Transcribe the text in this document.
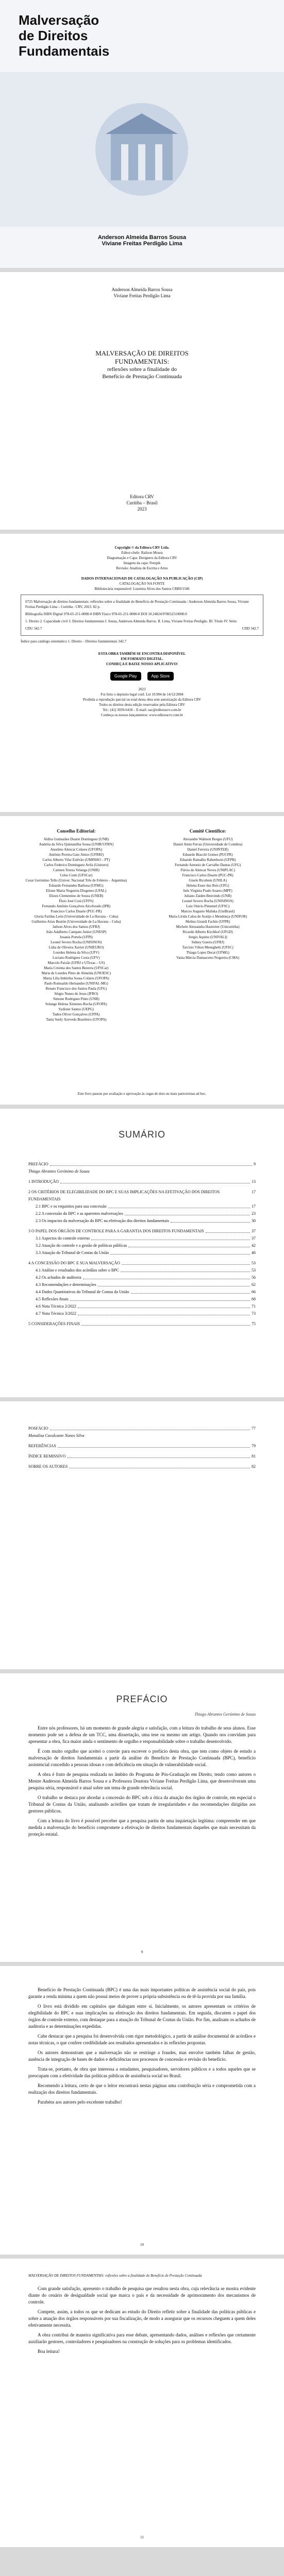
Malversação
de Direitos
Fundamentais
Anderson Almeida Barros Sousa
Viviane Freitas Perdigão Lima
Anderson Almeida Barros Sousa
Viviane Freitas Perdigão Lima
MALVERSAÇÃO DE DIREITOS
FUNDAMENTAIS:
reflexões sobre a finalidade do
Benefício de Prestação Continuada
Editora CRV
Curitiba – Brasil
2023
Copyright © da Editora CRV Ltda.
Editor-chefe: Railson Moura
Diagramação e Capa: Designers da Editora CRV
Imagens da capa: Freepik
Revisão: Analista de Escrita e Artes
DADOS INTERNACIONAIS DE CATALOGAÇÃO NA PUBLICAÇÃO (CIP)
CATALOGAÇÃO NA FONTE
Bibliotecária responsável: Luzenira Alves dos Santos CRB9/1506
S725 Malversação de direitos fundamentais: reflexões sobre a finalidade do Benefício de Prestação Continuada / Anderson Almeida Barros Sousa, Viviane Freitas Perdigão Lima – Curitiba : CRV, 2023. 82 p.
Bibliografia ISBN Digital 978-65-251-0000-0 ISBN Físico 978-65-251-0000-0 DOI 10.24824/978652510000.0
1. Direito 2. Capacidade civil 3. Direitos fundamentais I. Sousa, Anderson Almeida Barros. II. Lima, Viviane Freitas Perdigão. III. Título IV. Série.
CDU 342.7	CDD 342.7
Índice para catálogo sistemático 1. Direito – Direitos fundamentais 342.7
ESTA OBRA TAMBÉM SE ENCONTRA DISPONÍVEL
EM FORMATO DIGITAL.
CONHEÇA E BAIXE NOSSO APLICATIVO!
Google Play	App Store
2023
Foi feito o depósito legal conf. Lei 10.994 de 14/12/2004
Proibida a reprodução parcial ou total desta obra sem autorização da Editora CRV
Todos os direitos desta edição reservados pela Editora CRV
Tel.: (41) 3039-6418 – E-mail: sac@editoracrv.com.br
Conheça os nossos lançamentos: www.editoracrv.com.br
Conselho Editorial:
Aldira Guimarães Duarte Domínguez (UNB)
Andréia da Silva Quintanilha Sousa (UNIR/UFRN)
Anselmo Alencar Colares (UFOPA)
Antônio Pereira Gaio Júnior (UFRRJ)
Carlos Alberto Vilar Estêvão (UMINHO – PT)
Carlos Federico Dominguez Avila (Unieuro)
Carmen Tereza Velanga (UNIR)
Celso Conti (UFSCar)
Cesar Gerónimo Tello (Univer. Nacional Três de Febrero – Argentina)
Eduardo Fernandes Barbosa (UFMG)
Elione Maria Nogueira Diogenes (UFAL)
Elizeu Clementino de Souza (UNEB)
Élsio José Corá (UFFS)
Fernando Antônio Gonçalves Alcoforado (IPB)
Francisco Carlos Duarte (PUC-PR)
Gloria Fariñas León (Universidade de La Havana – Cuba)
Guillermo Arias Beatón (Universidade de La Havana – Cuba)
Jailson Alves dos Santos (UFRJ)
João Adalberto Campato Junior (UNESP)
Josania Portela (UFPI)
Leonel Severo Rocha (UNISINOS)
Lídia de Oliveira Xavier (UNIEURO)
Lourdes Helena da Silva (UFV)
Luciano Rodrigues Costa (UFV)
Marcelo Paixão (UFRJ e UTexas – US)
Maria Cristina dos Santos Bezerra (UFSCar)
Maria de Lourdes Pinto de Almeida (UNOESC)
Maria Lília Imbiriba Sousa Colares (UFOPA)
Paulo Romualdo Hernandes (UNIFAL-MG)
Renato Francisco dos Santos Paula (UFG)
Sérgio Nunes de Jesus (IFRO)
Simone Rodrigues Pinto (UNB)
Solange Helena Ximenes-Rocha (UFOPA)
Sydione Santos (UEPG)
Tadeu Oliver Gonçalves (UFPA)
Tania Suely Azevedo Brasileiro (UFOPA)
Comitê Científico:
Alexandre Walmott Borges (UFU)
Daniel Amin Ferraz (Universidade de Coimbra)
Daniel Ferreira (UNINTER)
Eduardo Biacchi Gomes (PUCPR)
Eduardo Ramalho Rabenhorst (UFPB)
Fernando Antonio de Carvalho Dantas (UFG)
Flávio de Alencar Neves (UNIPLAC)
Francisco Carlos Duarte (PUC-PR)
Gisele Ricobom (UNILA)
Helena Esser dos Reis (UFG)
Inês Virgínia Prado Soares (MPF)
Juliano Zaiden Benvindo (UNB)
Leonel Severo Rocha (UNISINOS)
Luiz Otávio Pimentel (UFSC)
Marcos Augusto Maliska (UniBrasil)
Maria Lírida Calou de Araújo e Mendonça (UNIFOR)
Melina Girardi Fachin (UFPR)
Michele Alessandra Hastreiter (Unicuritiba)
Ricardo Alberto Kirchhof (UFGD)
Sergio Aquino (UNIVALI)
Sidney Guerra (UFRJ)
Tarcísio Vilton Meneghetti (UFSC)
Thiago Lopes Decat (UFMG)
Vania Márcia Damasceno Nogueira (CMA)
Este livro passou por avaliação e aprovação às cegas de dois ou mais pareceristas ad hoc.
SUMÁRIO
PREFÁCIO	9
Thiago Abrantes Gerónimo de Souza
1 INTRODUÇÃO	13
2 OS CRITÉRIOS DE ELEGIBILIDADE DO BPC E SUAS IMPLICAÇÕES NA EFETIVAÇÃO DOS DIREITOS FUNDAMENTAIS
17
2.1 BPC e os requisitos para sua concessão	17
2.2 A concessão do BPC e as aparentes malversações	23
2.3 Os impactos da malversação do BPC na efetivação dos direitos fundamentais	30
3 O PAPEL DOS ÓRGÃOS DE CONTROLE PARA A GARANTIA DOS DIREITOS FUNDAMENTAIS	37
3.1 Aspectos do controle externo	37
3.2 Atuação do controle e a gestão de políticas públicas	42
3.3 Atuação do Tribunal de Contas da União	46
4 A CONCESSÃO DO BPC E SUA MALVERSAÇÃO	53
4.1 Análise e resultados dos acórdãos sobre o BPC	53
4.2 Os achados de auditoria	56
4.3 Recomendações e determinações	62
4.4 Dados Quantitativos do Tribunal de Contas da União	66
4.5 Reflexões finais	68
4.6 Nota Técnica 2/2022	71
4.7 Nota Técnica 3/2022	73
5 CONSIDERAÇÕES FINAIS	75
POSFÁCIO	77
Monalisa Cavalcante Nunes Silva
REFERÊNCIAS	79
ÍNDICE REMISSIVO	81
SOBRE OS AUTORES	82
PREFÁCIO
Thiago Abrantes Gerónimo de Souza

Entre nós professores, há um momento de grande alegria e satisfação, com a leitura do trabalho de seus alunos. Esse momento pode ser a defesa de um TCC, uma dissertação, uma tese ou mesmo um artigo. Quando nos convidam para apresentar a obra, fica maior ainda o sentimento de orgulho e responsabilidade sobre o trabalho desenvolvido.

É com muito orgulho que aceitei o convite para escrever o prefácio desta obra, que tem como objeto de estudo a malversação de direitos fundamentais a partir da análise do Benefício de Prestação Continuada (BPC), benefício assistencial concedido a pessoas idosas e com deficiência em situação de vulnerabilidade social.

A obra é fruto de pesquisa realizada no âmbito do Programa de Pós-Graduação em Direito, tendo como autores o Mestre Anderson Almeida Barros Sousa e a Professora Doutora Viviane Freitas Perdigão Lima, que desenvolveram uma pesquisa séria, responsável e atual sobre um tema de grande relevância social.

O trabalho se destaca por abordar a concessão do BPC sob a ótica da atuação dos órgãos de controle, em especial o Tribunal de Contas da União, analisando acórdãos que tratam de irregularidades e das recomendações dirigidas aos gestores públicos.

Com a leitura do livro é possível perceber que a pesquisa partiu de uma inquietação legítima: compreender em que medida a malversação do benefício compromete a efetivação de direitos fundamentais daqueles que mais necessitam da proteção estatal.

9

Benefício de Prestação Continuada (BPC) é uma das mais importantes políticas de assistência social do país, pois garante a renda mínima a quem não possui meios de prover a própria subsistência ou de tê-la provida por sua família.

O livro está dividido em capítulos que dialogam entre si. Inicialmente, os autores apresentam os critérios de elegibilidade do BPC e suas implicações na efetivação dos direitos fundamentais. Em seguida, discutem o papel dos órgãos de controle externo, com destaque para a atuação do Tribunal de Contas da União. Por fim, analisam os achados de auditoria e as determinações expedidas.

Cabe destacar que a pesquisa foi desenvolvida com rigor metodológico, a partir de análise documental de acórdãos e notas técnicas, o que confere credibilidade aos resultados apresentados e às reflexões propostas.

Os autores demonstram que a malversação não se restringe a fraudes, mas envolve também falhas de gestão, ausência de integração de bases de dados e deficiências nos processos de concessão e revisão do benefício.

Trata-se, portanto, de obra que interessa a estudantes, pesquisadores, servidores públicos e a todos aqueles que se preocupam com a efetividade das políticas públicas de assistência social no Brasil.

Recomendo a leitura, certo de que o leitor encontrará nestas páginas uma contribuição séria e comprometida com a realização dos direitos fundamentais.

Parabéns aos autores pelo excelente trabalho!

10
MALVERSAÇÃO DE DIREITOS FUNDAMENTAIS: reflexões sobre a finalidade do Benefício de Prestação Continuada

Com grande satisfação, apresento o trabalho de pesquisa que resultou nesta obra, cuja relevância se mostra evidente diante do cenário de desigualdade social que marca o país e da necessidade de aprimoramento dos mecanismos de controle.

Compete, assim, a todos os que se dedicam ao estudo do Direito refletir sobre a finalidade das políticas públicas e sobre a atuação dos órgãos responsáveis por sua fiscalização, de modo a assegurar que os recursos cheguem a quem deles efetivamente necessita.

A obra contribui de maneira significativa para esse debate, apresentando dados, análises e reflexões que certamente auxiliarão gestores, controladores e pesquisadores na construção de soluções para os problemas identificados.

Boa leitura!

11
